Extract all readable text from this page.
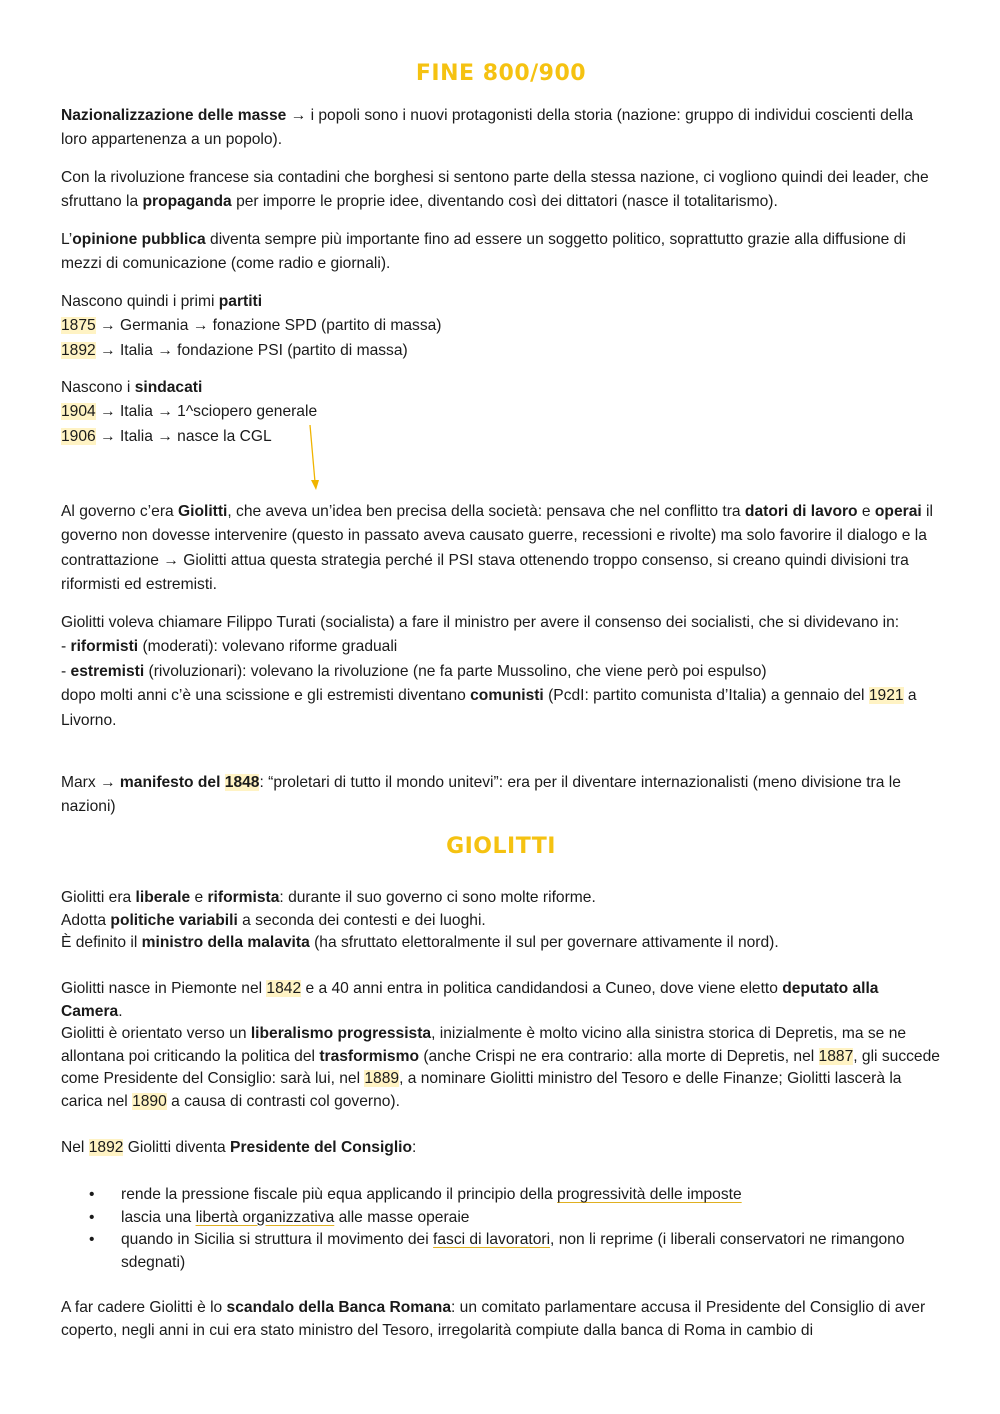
FINE 800/900
Nazionalizzazione delle masse → i popoli sono i nuovi protagonisti della storia (nazione: gruppo di individui coscienti della loro appartenenza a un popolo).
Con la rivoluzione francese sia contadini che borghesi si sentono parte della stessa nazione, ci vogliono quindi dei leader, che sfruttano la propaganda per imporre le proprie idee, diventando così dei dittatori (nasce il totalitarismo).
L’opinione pubblica diventa sempre più importante fino ad essere un soggetto politico, soprattutto grazie alla diffusione di mezzi di comunicazione (come radio e giornali).
Nascono quindi i primi partiti
1875 → Germania → fonazione SPD (partito di massa)
1892 → Italia → fondazione PSI (partito di massa)
Nascono i sindacati
1904 → Italia → 1^sciopero generale
1906 → Italia → nasce la CGL
Al governo c’era Giolitti, che aveva un’idea ben precisa della società: pensava che nel conflitto tra datori di lavoro e operai il governo non dovesse intervenire (questo in passato aveva causato guerre, recessioni e rivolte) ma solo favorire il dialogo e la contrattazione → Giolitti attua questa strategia perché il PSI stava ottenendo troppo consenso, si creano quindi divisioni tra riformisti ed estremisti.
Giolitti voleva chiamare Filippo Turati (socialista) a fare il ministro per avere il consenso dei socialisti, che si dividevano in:
- riformisti (moderati): volevano riforme graduali
- estremisti (rivoluzionari): volevano la rivoluzione (ne fa parte Mussolino, che viene però poi espulso)
dopo molti anni c’è una scissione e gli estremisti diventano comunisti (PcdI: partito comunista d’Italia) a gennaio del 1921 a Livorno.
Marx → manifesto del 1848: “proletari di tutto il mondo unitevi”: era per il diventare internazionalisti (meno divisione tra le nazioni)
GIOLITTI
Giolitti era liberale e riformista: durante il suo governo ci sono molte riforme.
Adotta politiche variabili a seconda dei contesti e dei luoghi.
È definito il ministro della malavita (ha sfruttato elettoralmente il sul per governare attivamente il nord).
Giolitti nasce in Piemonte nel 1842 e a 40 anni entra in politica candidandosi a Cuneo, dove viene eletto deputato alla Camera.
Giolitti è orientato verso un liberalismo progressista, inizialmente è molto vicino alla sinistra storica di Depretis, ma se ne allontana poi criticando la politica del trasformismo (anche Crispi ne era contrario: alla morte di Depretis, nel 1887, gli succede come Presidente del Consiglio: sarà lui, nel 1889, a nominare Giolitti ministro del Tesoro e delle Finanze; Giolitti lascerà la carica nel 1890 a causa di contrasti col governo).
Nel 1892 Giolitti diventa Presidente del Consiglio:
• rende la pressione fiscale più equa applicando il principio della progressività delle imposte
• lascia una libertà organizzativa alle masse operaie
• quando in Sicilia si struttura il movimento dei fasci di lavoratori, non li reprime (i liberali conservatori ne rimangono sdegnati)
A far cadere Giolitti è lo scandalo della Banca Romana: un comitato parlamentare accusa il Presidente del Consiglio di aver coperto, negli anni in cui era stato ministro del Tesoro, irregolarità compiute dalla banca di Roma in cambio di
